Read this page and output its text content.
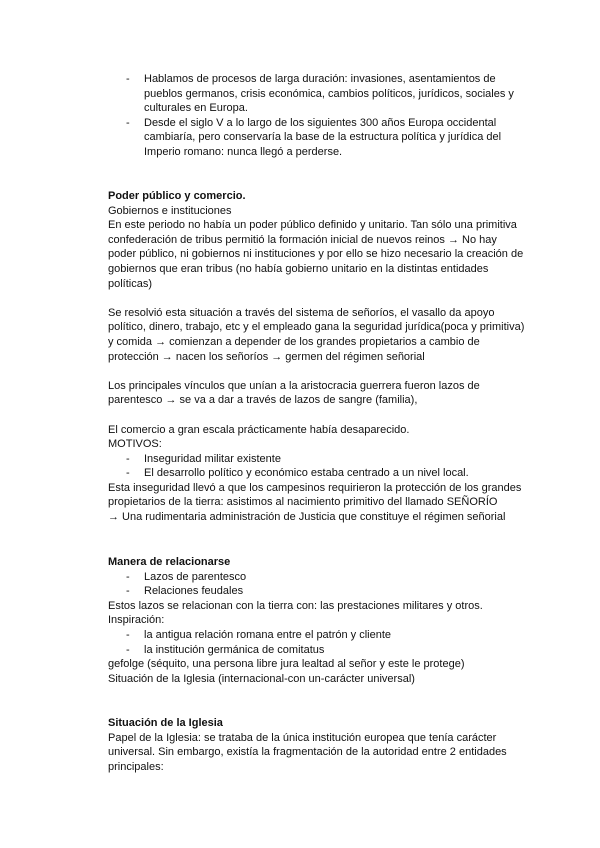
- Hablamos de procesos de larga duración: invasiones, asentamientos de pueblos germanos, crisis económica, cambios políticos, jurídicos, sociales y culturales en Europa.

- Desde el siglo V a lo largo de los siguientes 300 años Europa occidental cambiaría, pero conservaría la base de la estructura política y jurídica del Imperio romano: nunca llegó a perderse.

Poder público y comercio.

Gobiernos e instituciones

En este periodo no había un poder público definido y unitario. Tan sólo una primitiva confederación de tribus permitió la formación inicial de nuevos reinos → No hay poder público, ni gobiernos ni instituciones y por ello se hizo necesario la creación de gobiernos que eran tribus (no había gobierno unitario en la distintas entidades políticas)

Se resolvió esta situación a través del sistema de señoríos, el vasallo da apoyo político, dinero, trabajo, etc y el empleado gana la seguridad jurídica(poca y primitiva) y comida → comienzan a depender de los grandes propietarios a cambio de protección → nacen los señoríos → germen del régimen señorial

Los principales vínculos que unían a la aristocracia guerrera fueron lazos de parentesco → se va a dar a través de lazos de sangre (familia),

El comercio a gran escala prácticamente había desaparecido.

MOTIVOS:

- Inseguridad militar existente

- El desarrollo político y económico estaba centrado a un nivel local.

Esta inseguridad llevó a que los campesinos requirieron la protección de los grandes propietarios de la tierra: asistimos al nacimiento primitivo del llamado SEÑORÍO

→ Una rudimentaria administración de Justicia que constituye el régimen señorial

Manera de relacionarse

- Lazos de parentesco

- Relaciones feudales

Estos lazos se relacionan con la tierra con: las prestaciones militares y otros.

Inspiración:

- la antigua relación romana entre el patrón y cliente

- la institución germánica de comitatus

gefolge (séquito, una persona libre jura lealtad al señor y este le protege)

Situación de la Iglesia (internacional-con un-carácter universal)

Situación de la Iglesia

Papel de la Iglesia: se trataba de la única institución europea que tenía carácter universal. Sin embargo, existía la fragmentación de la autoridad entre 2 entidades principales:
